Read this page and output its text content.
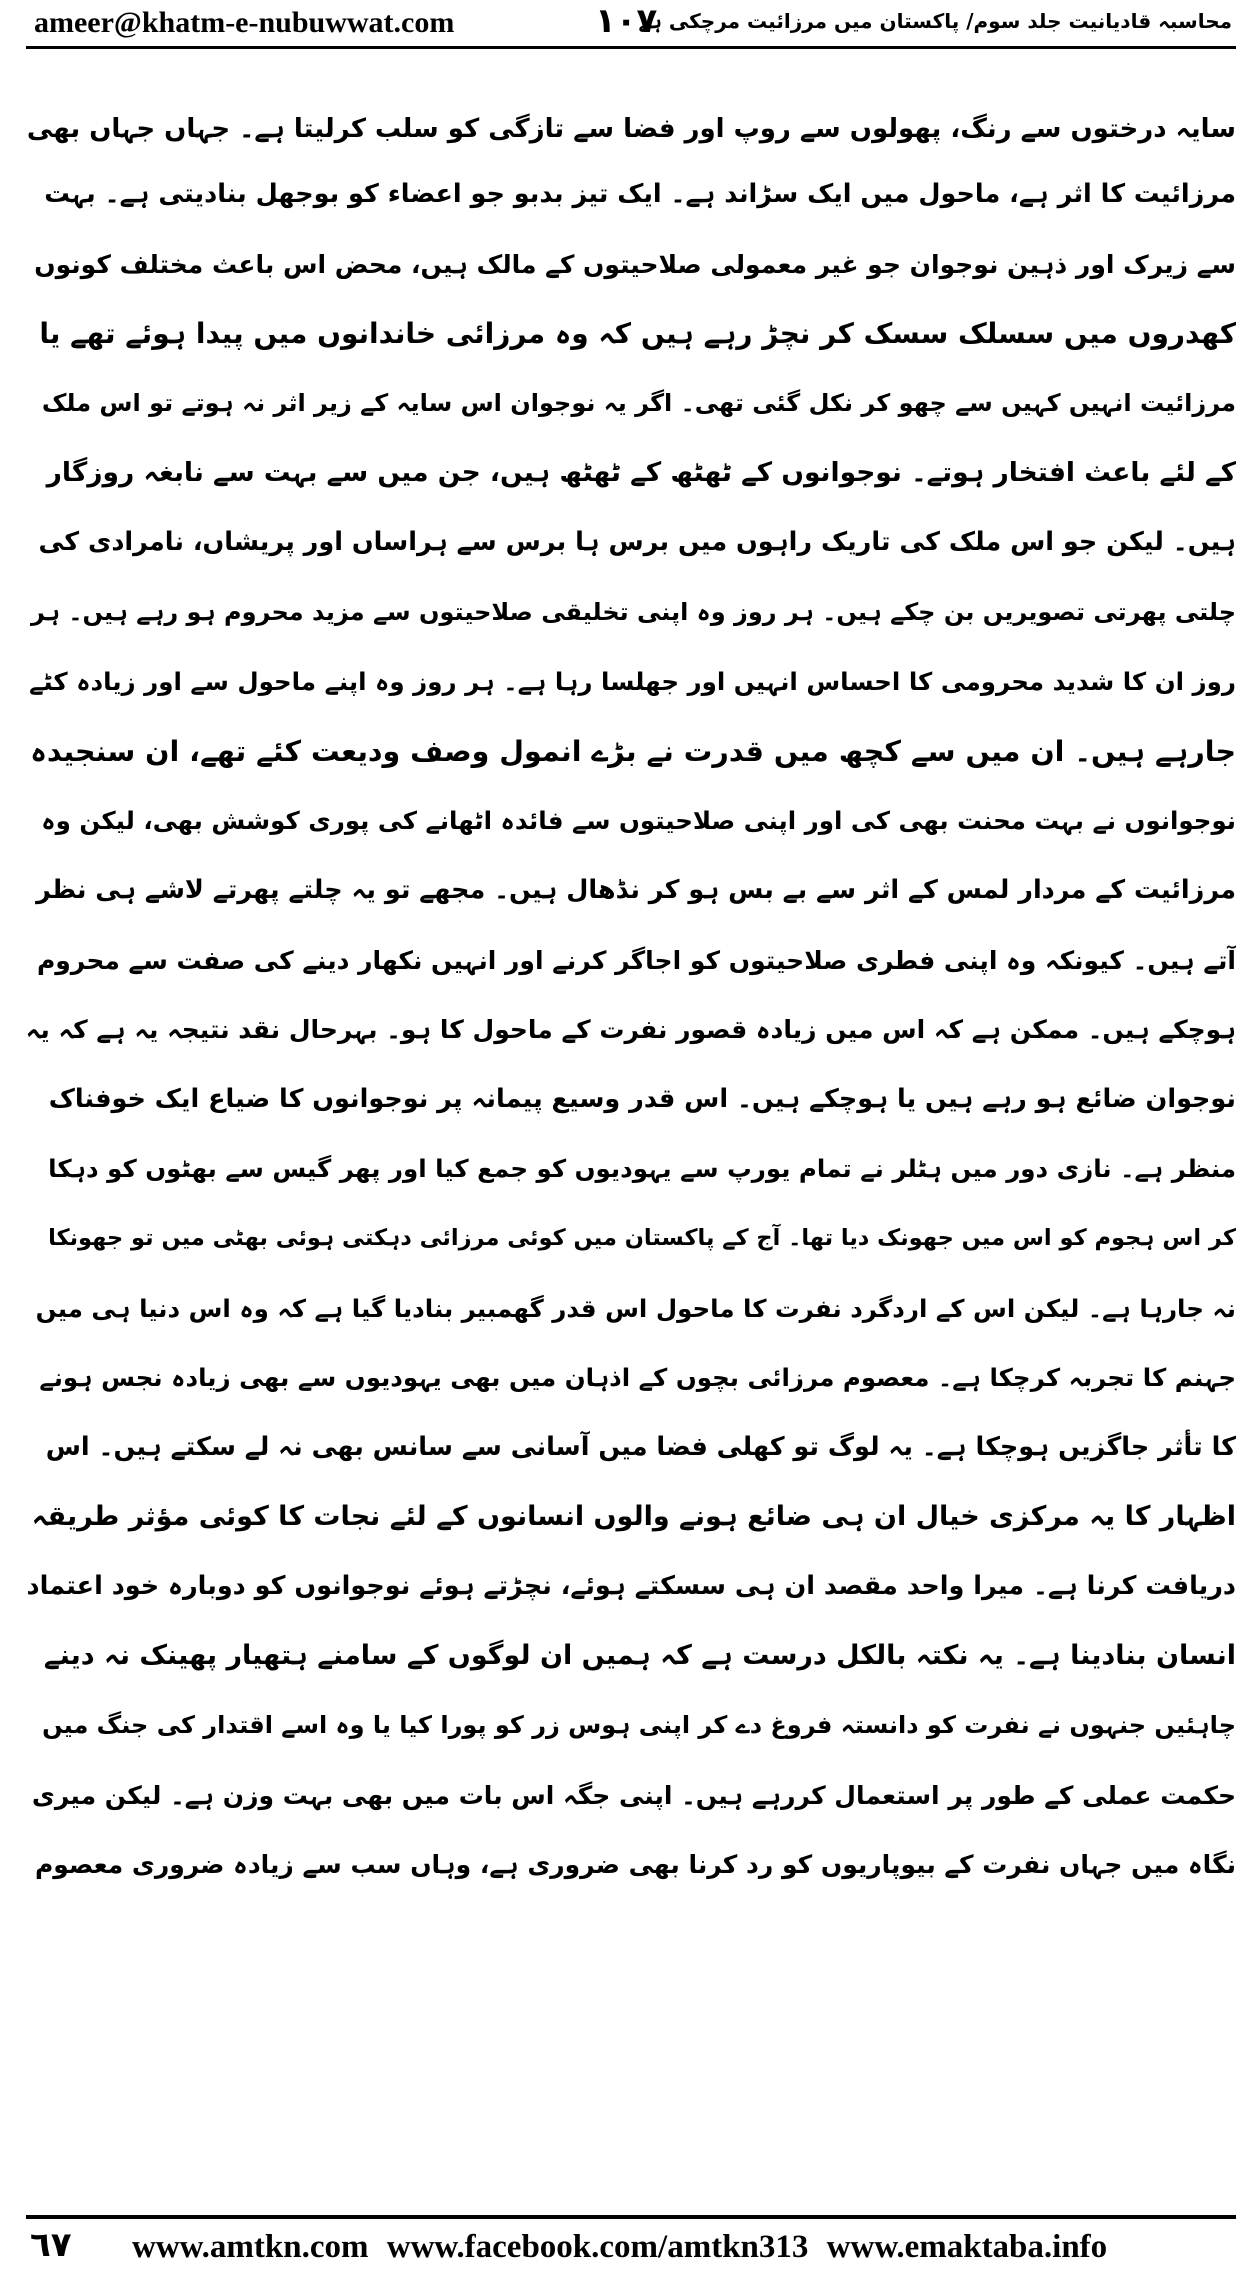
ameer@khatm-e-nubuwwat.com	١٠٧
محاسبہ قادیانیت جلد سوم/ پاکستان میں مرزائیت مرچکی ہے
سایہ درختوں سے رنگ، پھولوں سے روپ اور فضا سے تازگی کو سلب کرلیتا ہے۔ جہاں جہاں بھی
مرزائیت کا اثر ہے، ماحول میں ایک سڑاند ہے۔ ایک تیز بدبو جو اعضاء کو بوجھل بنادیتی ہے۔ بہت
سے زیرک اور ذہین نوجوان جو غیر معمولی صلاحیتوں کے مالک ہیں، محض اس باعث مختلف کونوں
کھدروں میں سسلک سسک کر نچڑ رہے ہیں کہ وہ مرزائی خاندانوں میں پیدا ہوئے تھے یا
مرزائیت انہیں کہیں سے چھو کر نکل گئی تھی۔ اگر یہ نوجوان اس سایہ کے زیر اثر نہ ہوتے تو اس ملک
کے لئے باعث افتخار ہوتے۔ نوجوانوں کے ٹھٹھ کے ٹھٹھ ہیں، جن میں سے بہت سے نابغہ روزگار
ہیں۔ لیکن جو اس ملک کی تاریک راہوں میں برس ہا برس سے ہراساں اور پریشاں، نامرادی کی
چلتی پھرتی تصویریں بن چکے ہیں۔ ہر روز وہ اپنی تخلیقی صلاحیتوں سے مزید محروم ہو رہے ہیں۔ ہر
روز ان کا شدید محرومی کا احساس انہیں اور جھلسا رہا ہے۔ ہر روز وہ اپنے ماحول سے اور زیادہ کٹے
جارہے ہیں۔ ان میں سے کچھ میں قدرت نے بڑے انمول وصف ودیعت کئے تھے، ان سنجیدہ
نوجوانوں نے بہت محنت بھی کی اور اپنی صلاحیتوں سے فائدہ اٹھانے کی پوری کوشش بھی، لیکن وہ
مرزائیت کے مردار لمس کے اثر سے بے بس ہو کر نڈھال ہیں۔ مجھے تو یہ چلتے پھرتے لاشے ہی نظر
آتے ہیں۔ کیونکہ وہ اپنی فطری صلاحیتوں کو اجاگر کرنے اور انہیں نکھار دینے کی صفت سے محروم
ہوچکے ہیں۔ ممکن ہے کہ اس میں زیادہ قصور نفرت کے ماحول کا ہو۔ بہرحال نقد نتیجہ یہ ہے کہ یہ
نوجوان ضائع ہو رہے ہیں یا ہوچکے ہیں۔ اس قدر وسیع پیمانہ پر نوجوانوں کا ضیاع ایک خوفناک
منظر ہے۔ نازی دور میں ہٹلر نے تمام یورپ سے یہودیوں کو جمع کیا اور پھر گیس سے بھٹوں کو دہکا
کر اس ہجوم کو اس میں جھونک دیا تھا۔ آج کے پاکستان میں کوئی مرزائی دہکتی ہوئی بھٹی میں تو جھونکا
نہ جارہا ہے۔ لیکن اس کے اردگرد نفرت کا ماحول اس قدر گھمبیر بنادیا گیا ہے کہ وہ اس دنیا ہی میں
جہنم کا تجربہ کرچکا ہے۔ معصوم مرزائی بچوں کے اذہان میں بھی یہودیوں سے بھی زیادہ نجس ہونے
کا تأثر جاگزیں ہوچکا ہے۔ یہ لوگ تو کھلی فضا میں آسانی سے سانس بھی نہ لے سکتے ہیں۔ اس
اظہار کا یہ مرکزی خیال ان ہی ضائع ہونے والوں انسانوں کے لئے نجات کا کوئی مؤثر طریقہ
دریافت کرنا ہے۔ میرا واحد مقصد ان ہی سسکتے ہوئے، نچڑتے ہوئے نوجوانوں کو دوبارہ خود اعتماد
انسان بنادینا ہے۔ یہ نکتہ بالکل درست ہے کہ ہمیں ان لوگوں کے سامنے ہتھیار پھینک نہ دینے
چاہئیں جنہوں نے نفرت کو دانستہ فروغ دے کر اپنی ہوس زر کو پورا کیا یا وہ اسے اقتدار کی جنگ میں
حکمت عملی کے طور پر استعمال کررہے ہیں۔ اپنی جگہ اس بات میں بھی بہت وزن ہے۔ لیکن میری
نگاہ میں جہاں نفرت کے بیوپاریوں کو رد کرنا بھی ضروری ہے، وہاں سب سے زیادہ ضروری معصوم
٦٧ www.amtkn.com www.facebook.com/amtkn313 www.emaktaba.info
